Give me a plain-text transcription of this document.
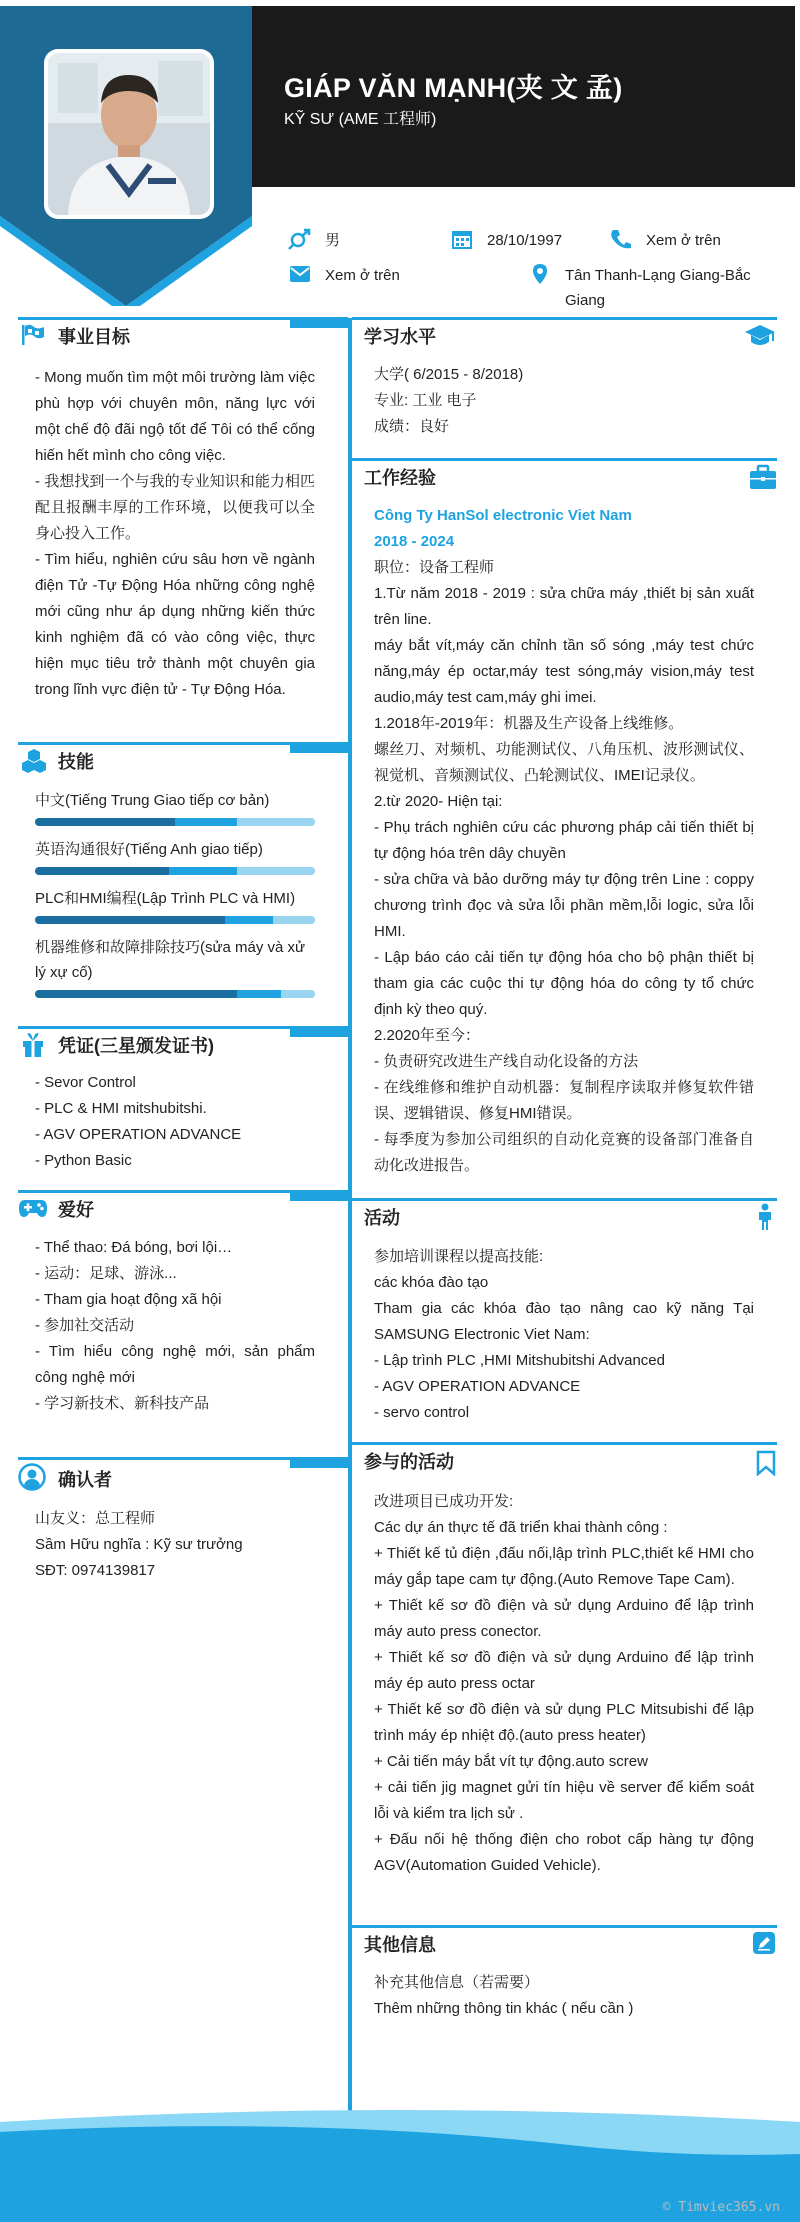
GIÁP VĂN MẠNH(夹 文 孟)
KỸ SƯ (AME 工程师)
男	28/10/1997	Xem ở trên
Xem ở trên	Tân Thanh-Lạng Giang-Bắc Giang
事业目标
- Mong muốn tìm một môi trường làm việc phù hợp với chuyên môn, năng lực với một chế độ đãi ngộ tốt để Tôi có thể cống hiến hết mình cho công việc.
- 我想找到一个与我的专业知识和能力相匹配且报酬丰厚的工作环境，以便我可以全身心投入工作。
- Tìm hiểu, nghiên cứu sâu hơn về ngành điện Tử -Tự Động Hóa những công nghệ mới cũng như áp dụng những kiến thức kinh nghiệm đã có vào công việc, thực hiện mục tiêu trở thành một chuyên gia trong lĩnh vực điện tử - Tự Động Hóa.
技能
中文(Tiếng Trung Giao tiếp cơ bản)
英语沟通很好(Tiếng Anh giao tiếp)
PLC和HMI编程(Lập Trình PLC và HMI)
机器维修和故障排除技巧(sửa máy và xử lý xự cố)
凭证(三星颁发证书)
- Sevor Control
- PLC & HMI mitshubitshi.
- AGV OPERATION ADVANCE
- Python Basic
爱好
- Thể thao: Đá bóng, bơi lội…
- 运动：足球、游泳...
- Tham gia hoạt động xã hội
- 参加社交活动
- Tìm hiểu công nghệ mới, sản phẩm công nghệ mới
- 学习新技术、新科技产品
确认者
山友义：总工程师
Sầm Hữu nghĩa : Kỹ sư trưởng
SĐT: 0974139817
学习水平
大学( 6/2015 - 8/2018)
专业: 工业 电子
成绩：良好
工作经验
Công Ty HanSol electronic Viet Nam
2018 - 2024
职位：设备工程师
1.Từ năm 2018 - 2019 : sửa chữa máy ,thiết bị sản xuất trên line.
máy bắt vít,máy căn chỉnh tần số sóng ,máy test chức năng,máy ép octar,máy test sóng,máy vision,máy test audio,máy test cam,máy ghi imei.
1.2018年-2019年：机器及生产设备上线维修。
螺丝刀、对频机、功能测试仪、八角压机、波形测试仪、视觉机、音频测试仪、凸轮测试仪、IMEI记录仪。
2.từ 2020- Hiện tại:
- Phụ trách nghiên cứu các phương pháp cải tiến thiết bị tự động hóa trên dây chuyền
- sửa chữa và bảo dưỡng máy tự động trên Line : coppy chương trình đọc và sửa lỗi phần mềm,lỗi logic, sửa lỗi HMI.
- Lập báo cáo cải tiến tự động hóa cho bộ phận thiết bị tham gia các cuộc thi tự động hóa do công ty tổ chức định kỳ theo quý.
2.2020年至今：
- 负责研究改进生产线自动化设备的方法
- 在线维修和维护自动机器：复制程序读取并修复软件错误、逻辑错误、修复HMI错误。
- 每季度为参加公司组织的自动化竞赛的设备部门准备自动化改进报告。
活动
参加培训课程以提高技能:
các khóa đào tạo
Tham gia các khóa đào tạo nâng cao kỹ năng Tại SAMSUNG Electronic Viet Nam:
- Lập trình PLC ,HMI Mitshubitshi Advanced
- AGV OPERATION ADVANCE
- servo control
参与的活动
改进项目已成功开发:
Các dự án thực tế đã triển khai thành công :
+ Thiết kế tủ điện ,đấu nối,lập trình PLC,thiết kế HMI cho máy gắp tape cam tự động.(Auto Remove Tape Cam).
+ Thiết kế sơ đồ điện và sử dụng Arduino để lập trình máy auto press conector.
+ Thiết kế sơ đồ điện và sử dụng Arduino để lập trình máy ép auto press octar
+ Thiết kế sơ đồ điện và sử dụng PLC Mitsubishi để lập trình máy ép nhiệt độ.(auto press heater)
+ Cải tiến máy bắt vít tự động.auto screw
+ cải tiến jig magnet gửi tín hiệu về server để kiểm soát lỗi và kiểm tra lịch sử .
+ Đấu nối hệ thống điện cho robot cấp hàng tự động AGV(Automation Guided Vehicle).
其他信息
补充其他信息（若需要）
Thêm những thông tin khác ( nếu cần )
© Timviec365.vn
